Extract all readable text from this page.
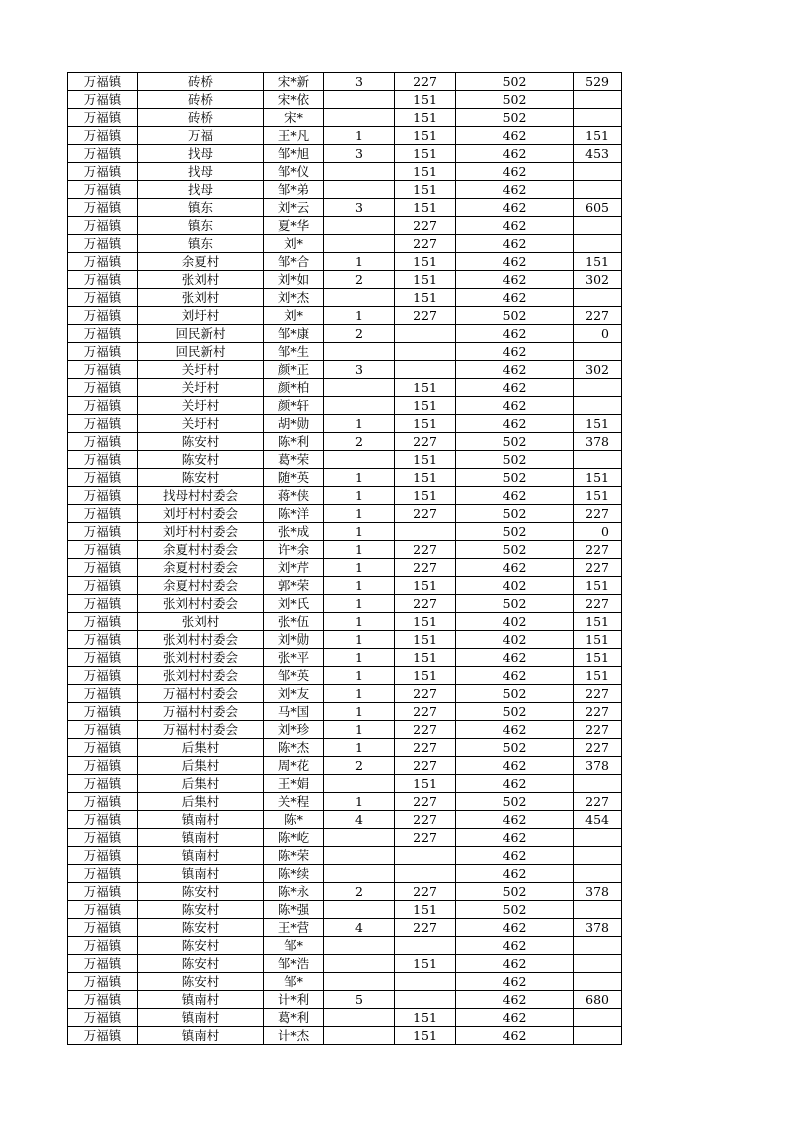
万福镇	砖桥	宋*新	3	227	502	529
万福镇	砖桥	宋*依		151	502	
万福镇	砖桥	宋*		151	502	
万福镇	万福	王*凡	1	151	462	151
万福镇	找母	邹*旭	3	151	462	453
万福镇	找母	邹*仪		151	462	
万福镇	找母	邹*弟		151	462	
万福镇	镇东	刘*云	3	151	462	605
万福镇	镇东	夏*华		227	462	
万福镇	镇东	刘*		227	462	
万福镇	余夏村	邹*合	1	151	462	151
万福镇	张刘村	刘*如	2	151	462	302
万福镇	张刘村	刘*杰		151	462	
万福镇	刘圩村	刘*	1	227	502	227
万福镇	回民新村	邹*康	2		462	0
万福镇	回民新村	邹*生			462	
万福镇	关圩村	颜*正	3		462	302
万福镇	关圩村	颜*柏		151	462	
万福镇	关圩村	颜*轩		151	462	
万福镇	关圩村	胡*勋	1	151	462	151
万福镇	陈安村	陈*利	2	227	502	378
万福镇	陈安村	葛*荣		151	502	
万福镇	陈安村	随*英	1	151	502	151
万福镇	找母村村委会	蒋*侠	1	151	462	151
万福镇	刘圩村村委会	陈*洋	1	227	502	227
万福镇	刘圩村村委会	张*成	1		502	0
万福镇	余夏村村委会	许*余	1	227	502	227
万福镇	余夏村村委会	刘*芹	1	227	462	227
万福镇	余夏村村委会	郭*荣	1	151	402	151
万福镇	张刘村村委会	刘*氏	1	227	502	227
万福镇	张刘村	张*伍	1	151	402	151
万福镇	张刘村村委会	刘*勋	1	151	402	151
万福镇	张刘村村委会	张*平	1	151	462	151
万福镇	张刘村村委会	邹*英	1	151	462	151
万福镇	万福村村委会	刘*友	1	227	502	227
万福镇	万福村村委会	马*国	1	227	502	227
万福镇	万福村村委会	刘*珍	1	227	462	227
万福镇	后集村	陈*杰	1	227	502	227
万福镇	后集村	周*花	2	227	462	378
万福镇	后集村	王*娟		151	462	
万福镇	后集村	关*程	1	227	502	227
万福镇	镇南村	陈*	4	227	462	454
万福镇	镇南村	陈*屹		227	462	
万福镇	镇南村	陈*荣			462	
万福镇	镇南村	陈*续			462	
万福镇	陈安村	陈*永	2	227	502	378
万福镇	陈安村	陈*强		151	502	
万福镇	陈安村	王*营	4	227	462	378
万福镇	陈安村	邹*			462	
万福镇	陈安村	邹*浩		151	462	
万福镇	陈安村	邹*			462	
万福镇	镇南村	计*利	5		462	680
万福镇	镇南村	葛*利		151	462	
万福镇	镇南村	计*杰		151	462	
